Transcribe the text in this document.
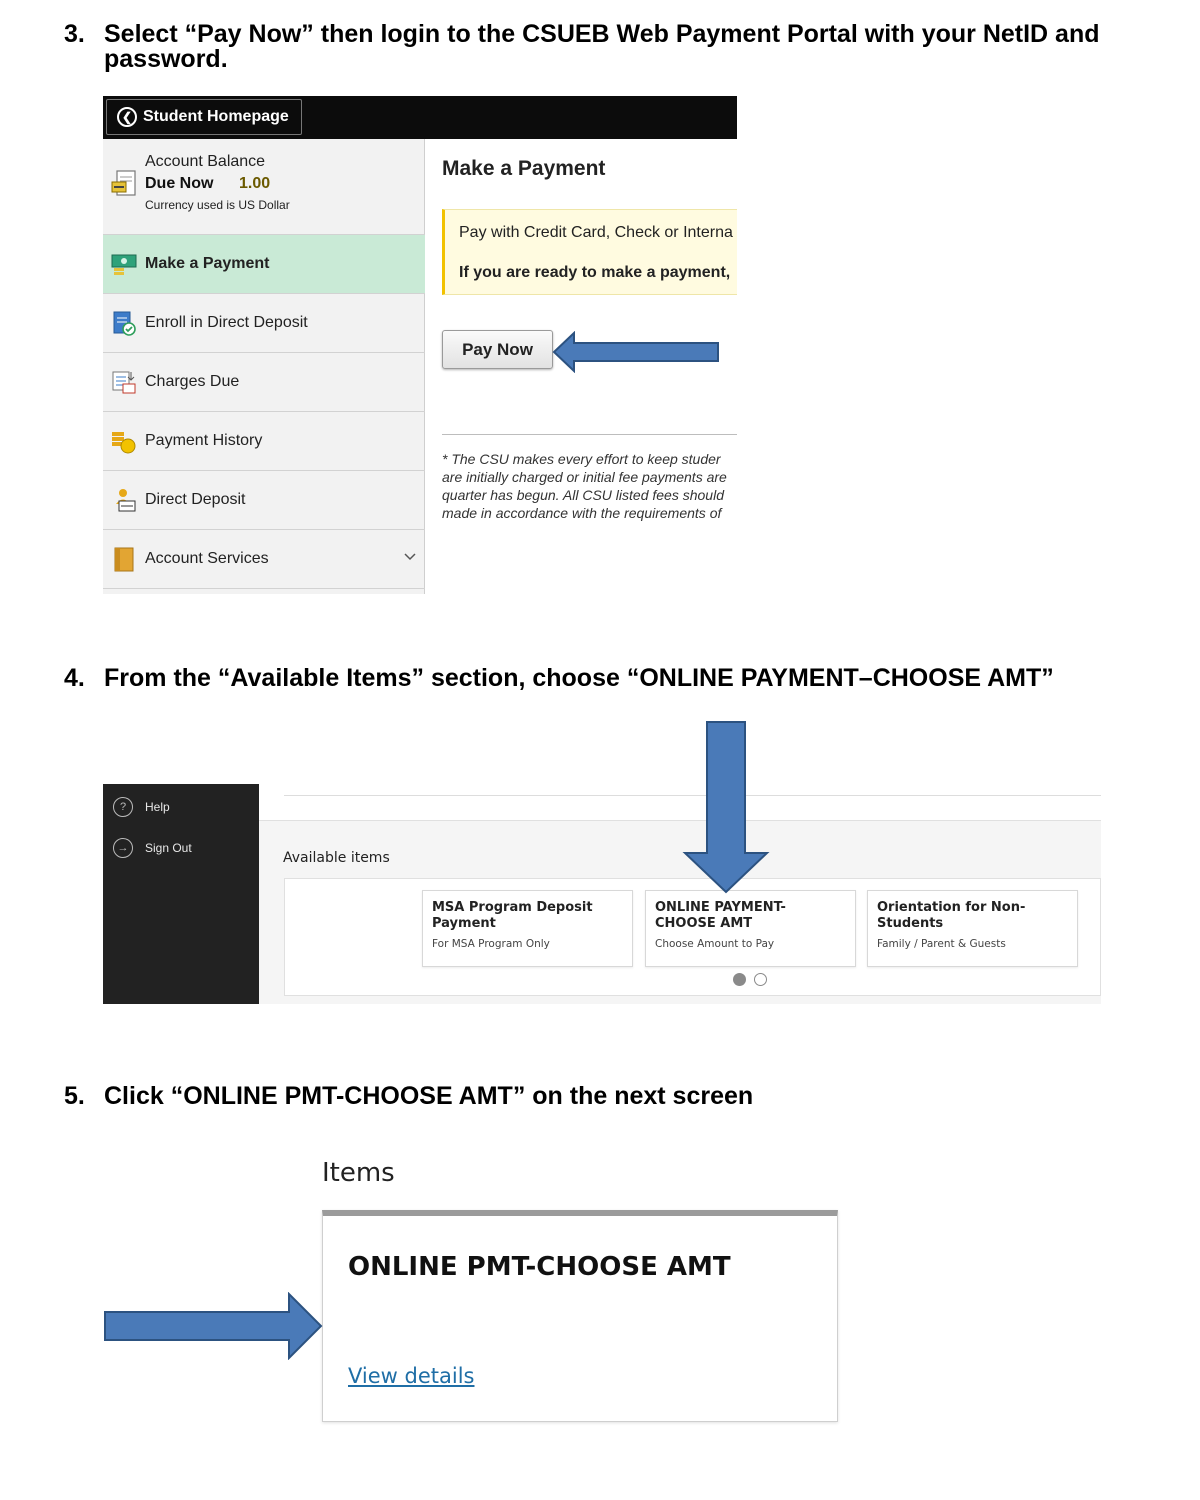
3. Select “Pay Now” then login to the CSUEB Web Payment Portal with your NetID and
password.
❮ Student Homepage
Account Balance
Due Now 1.00
Currency used is US Dollar
Make a Payment
Enroll in Direct Deposit
Charges Due
Payment History
Direct Deposit
Account Services
Make a Payment
Pay with Credit Card, Check or Interna
If you are ready to make a payment,
Pay Now
* The CSU makes every effort to keep studer
are initially charged or initial fee payments are
quarter has begun. All CSU listed fees should
made in accordance with the requirements of
4. From the “Available Items” section, choose “ONLINE PAYMENT–CHOOSE AMT”
?	Help
→	Sign Out
Available items
MSA Program Deposit
Payment
For MSA Program Only
ONLINE PAYMENT-
CHOOSE AMT
Choose Amount to Pay
Orientation for Non-
Students
Family / Parent & Guests
5. Click “ONLINE PMT-CHOOSE AMT” on the next screen
Items
ONLINE PMT-CHOOSE AMT
View details
